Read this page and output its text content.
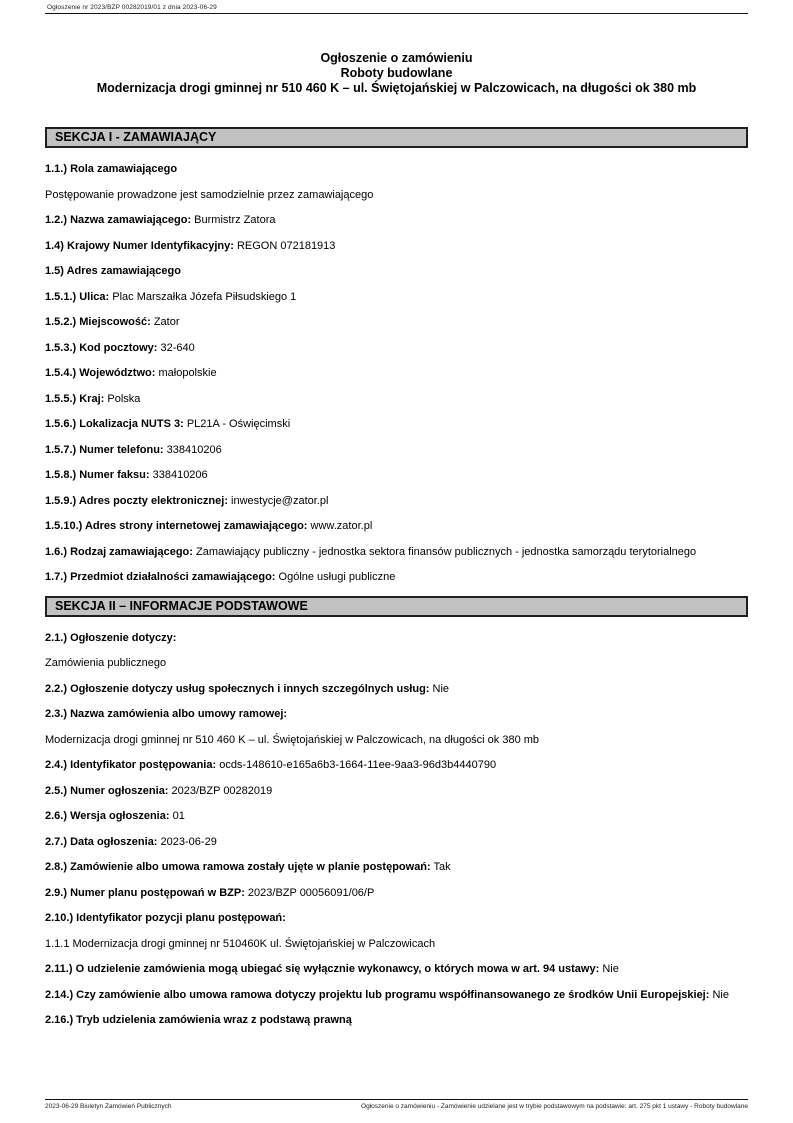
Ogłoszenie nr 2023/BZP 00282019/01 z dnia 2023-06-29
Ogłoszenie o zamówieniu
Roboty budowlane
Modernizacja drogi gminnej nr 510 460 K – ul. Świętojańskiej w Palczowicach, na długości ok 380 mb
SEKCJA I - ZAMAWIAJĄCY

1.1.) Rola zamawiającego

Postępowanie prowadzone jest samodzielnie przez zamawiającego

1.2.) Nazwa zamawiającego: Burmistrz Zatora

1.4) Krajowy Numer Identyfikacyjny: REGON 072181913

1.5) Adres zamawiającego

1.5.1.) Ulica: Plac Marszałka Józefa Piłsudskiego 1

1.5.2.) Miejscowość: Zator

1.5.3.) Kod pocztowy: 32-640

1.5.4.) Województwo: małopolskie

1.5.5.) Kraj: Polska

1.5.6.) Lokalizacja NUTS 3: PL21A - Oświęcimski

1.5.7.) Numer telefonu: 338410206

1.5.8.) Numer faksu: 338410206

1.5.9.) Adres poczty elektronicznej: inwestycje@zator.pl

1.5.10.) Adres strony internetowej zamawiającego: www.zator.pl

1.6.) Rodzaj zamawiającego: Zamawiający publiczny - jednostka sektora finansów publicznych - jednostka samorządu terytorialnego

1.7.) Przedmiot działalności zamawiającego: Ogólne usługi publiczne

SEKCJA II – INFORMACJE PODSTAWOWE

2.1.) Ogłoszenie dotyczy:

Zamówienia publicznego

2.2.) Ogłoszenie dotyczy usług społecznych i innych szczególnych usług: Nie

2.3.) Nazwa zamówienia albo umowy ramowej:

Modernizacja drogi gminnej nr 510 460 K – ul. Świętojańskiej w Palczowicach, na długości ok 380 mb

2.4.) Identyfikator postępowania: ocds-148610-e165a6b3-1664-11ee-9aa3-96d3b4440790

2.5.) Numer ogłoszenia: 2023/BZP 00282019

2.6.) Wersja ogłoszenia: 01

2.7.) Data ogłoszenia: 2023-06-29

2.8.) Zamówienie albo umowa ramowa zostały ujęte w planie postępowań: Tak

2.9.) Numer planu postępowań w BZP: 2023/BZP 00056091/06/P

2.10.) Identyfikator pozycji planu postępowań:

1.1.1 Modernizacja drogi gminnej nr 510460K ul. Świętojańskiej w Palczowicach

2.11.) O udzielenie zamówienia mogą ubiegać się wyłącznie wykonawcy, o których mowa w art. 94 ustawy: Nie

2.14.) Czy zamówienie albo umowa ramowa dotyczy projektu lub programu współfinansowanego ze środków Unii Europejskiej: Nie

2.16.) Tryb udzielenia zamówienia wraz z podstawą prawną

2023-06-29 Biuletyn Zamówień Publicznych	Ogłoszenie o zamówieniu - Zamówienie udzielane jest w trybie podstawowym na podstawie: art. 275 pkt 1 ustawy - Roboty budowlane
